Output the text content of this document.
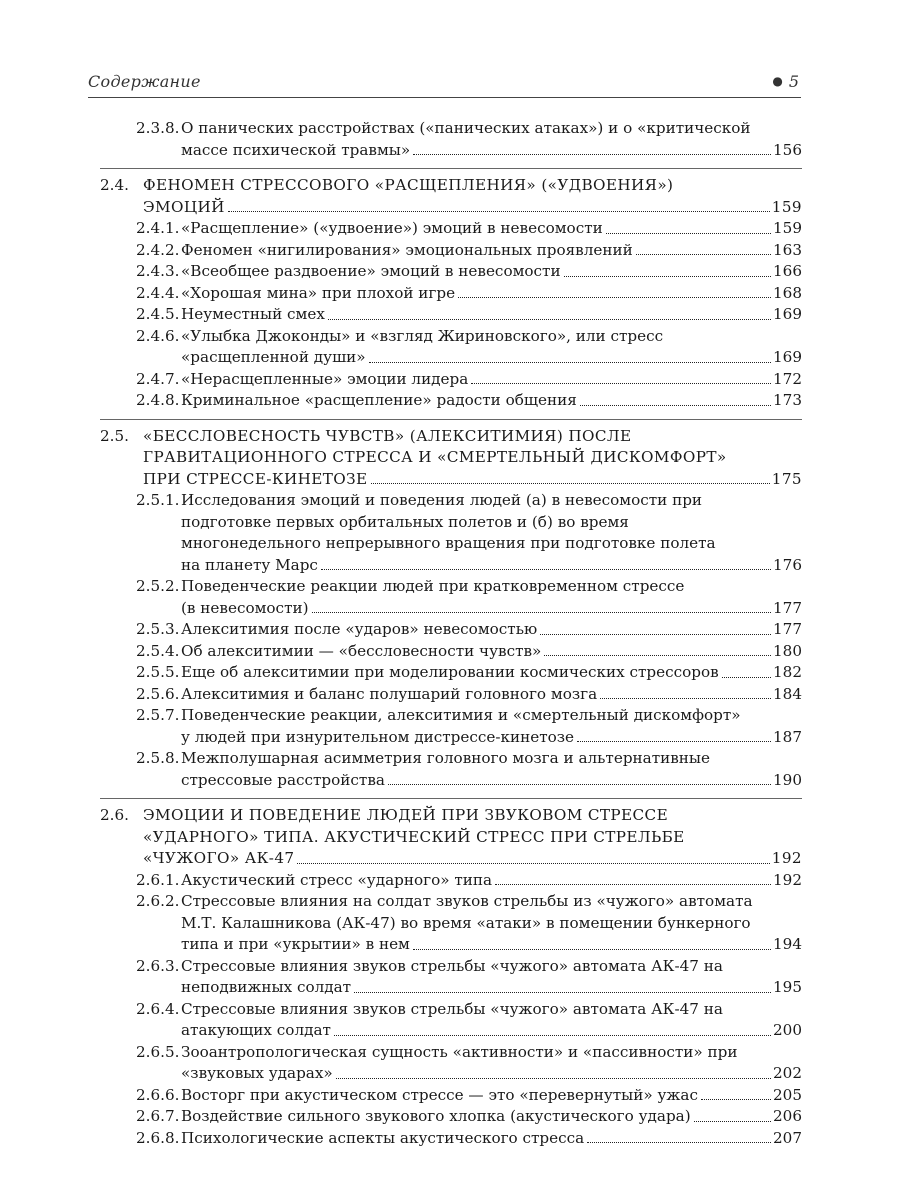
Содержание	● 5
2.3.8. О панических расстройствах («панических атаках») и о «критической
массе психической травмы»	156
2.4. ФЕНОМЕН СТРЕССОВОГО «РАСЩЕПЛЕНИЯ» («УДВОЕНИЯ»)
ЭМОЦИЙ	159
2.4.1. «Расщепление» («удвоение») эмоций в невесомости	159
2.4.2. Феномен «нигилирования» эмоциональных проявлений	163
2.4.3. «Всеобщее раздвоение» эмоций в невесомости	166
2.4.4. «Хорошая мина» при плохой игре	168
2.4.5. Неуместный смех	169
2.4.6. «Улыбка Джоконды» и «взгляд Жириновского», или стресс
«расщепленной души»	169
2.4.7. «Нерасщепленные» эмоции лидера	172
2.4.8. Криминальное «расщепление» радости общения	173
2.5. «БЕССЛОВЕСНОСТЬ ЧУВСТВ» (АЛЕКСИТИМИЯ) ПОСЛЕ
ГРАВИТАЦИОННОГО СТРЕССА И «СМЕРТЕЛЬНЫЙ ДИСКОМФОРТ»
ПРИ СТРЕССЕ-КИНЕТОЗЕ	175
2.5.1. Исследования эмоций и поведения людей (а) в невесомости при
подготовке первых орбитальных полетов и (б) во время
многонедельного непрерывного вращения при подготовке полета
на планету Марс	176
2.5.2. Поведенческие реакции людей при кратковременном стрессе
(в невесомости)	177
2.5.3. Алекситимия после «ударов» невесомостью	177
2.5.4. Об алекситимии — «бессловесности чувств»	180
2.5.5. Еще об алекситимии при моделировании космических стрессоров	182
2.5.6. Алекситимия и баланс полушарий головного мозга	184
2.5.7. Поведенческие реакции, алекситимия и «смертельный дискомфорт»
у людей при изнурительном дистрессе-кинетозе	187
2.5.8. Межполушарная асимметрия головного мозга и альтернативные
стрессовые расстройства	190
2.6. ЭМОЦИИ И ПОВЕДЕНИЕ ЛЮДЕЙ ПРИ ЗВУКОВОМ СТРЕССЕ
«УДАРНОГО» ТИПА. АКУСТИЧЕСКИЙ СТРЕСС ПРИ СТРЕЛЬБЕ
«ЧУЖОГО» АК-47	192
2.6.1. Акустический стресс «ударного» типа	192
2.6.2. Стрессовые влияния на солдат звуков стрельбы из «чужого» автомата
М.Т. Калашникова (АК-47) во время «атаки» в помещении бункерного
типа и при «укрытии» в нем	194
2.6.3. Стрессовые влияния звуков стрельбы «чужого» автомата АК-47 на
неподвижных солдат	195
2.6.4. Стрессовые влияния звуков стрельбы «чужого» автомата АК-47 на
атакующих солдат	200
2.6.5. Зооантропологическая сущность «активности» и «пассивности» при
«звуковых ударах»	202
2.6.6. Восторг при акустическом стрессе — это «перевернутый» ужас	205
2.6.7. Воздействие сильного звукового хлопка (акустического удара)	206
2.6.8. Психологические аспекты акустического стресса	207
